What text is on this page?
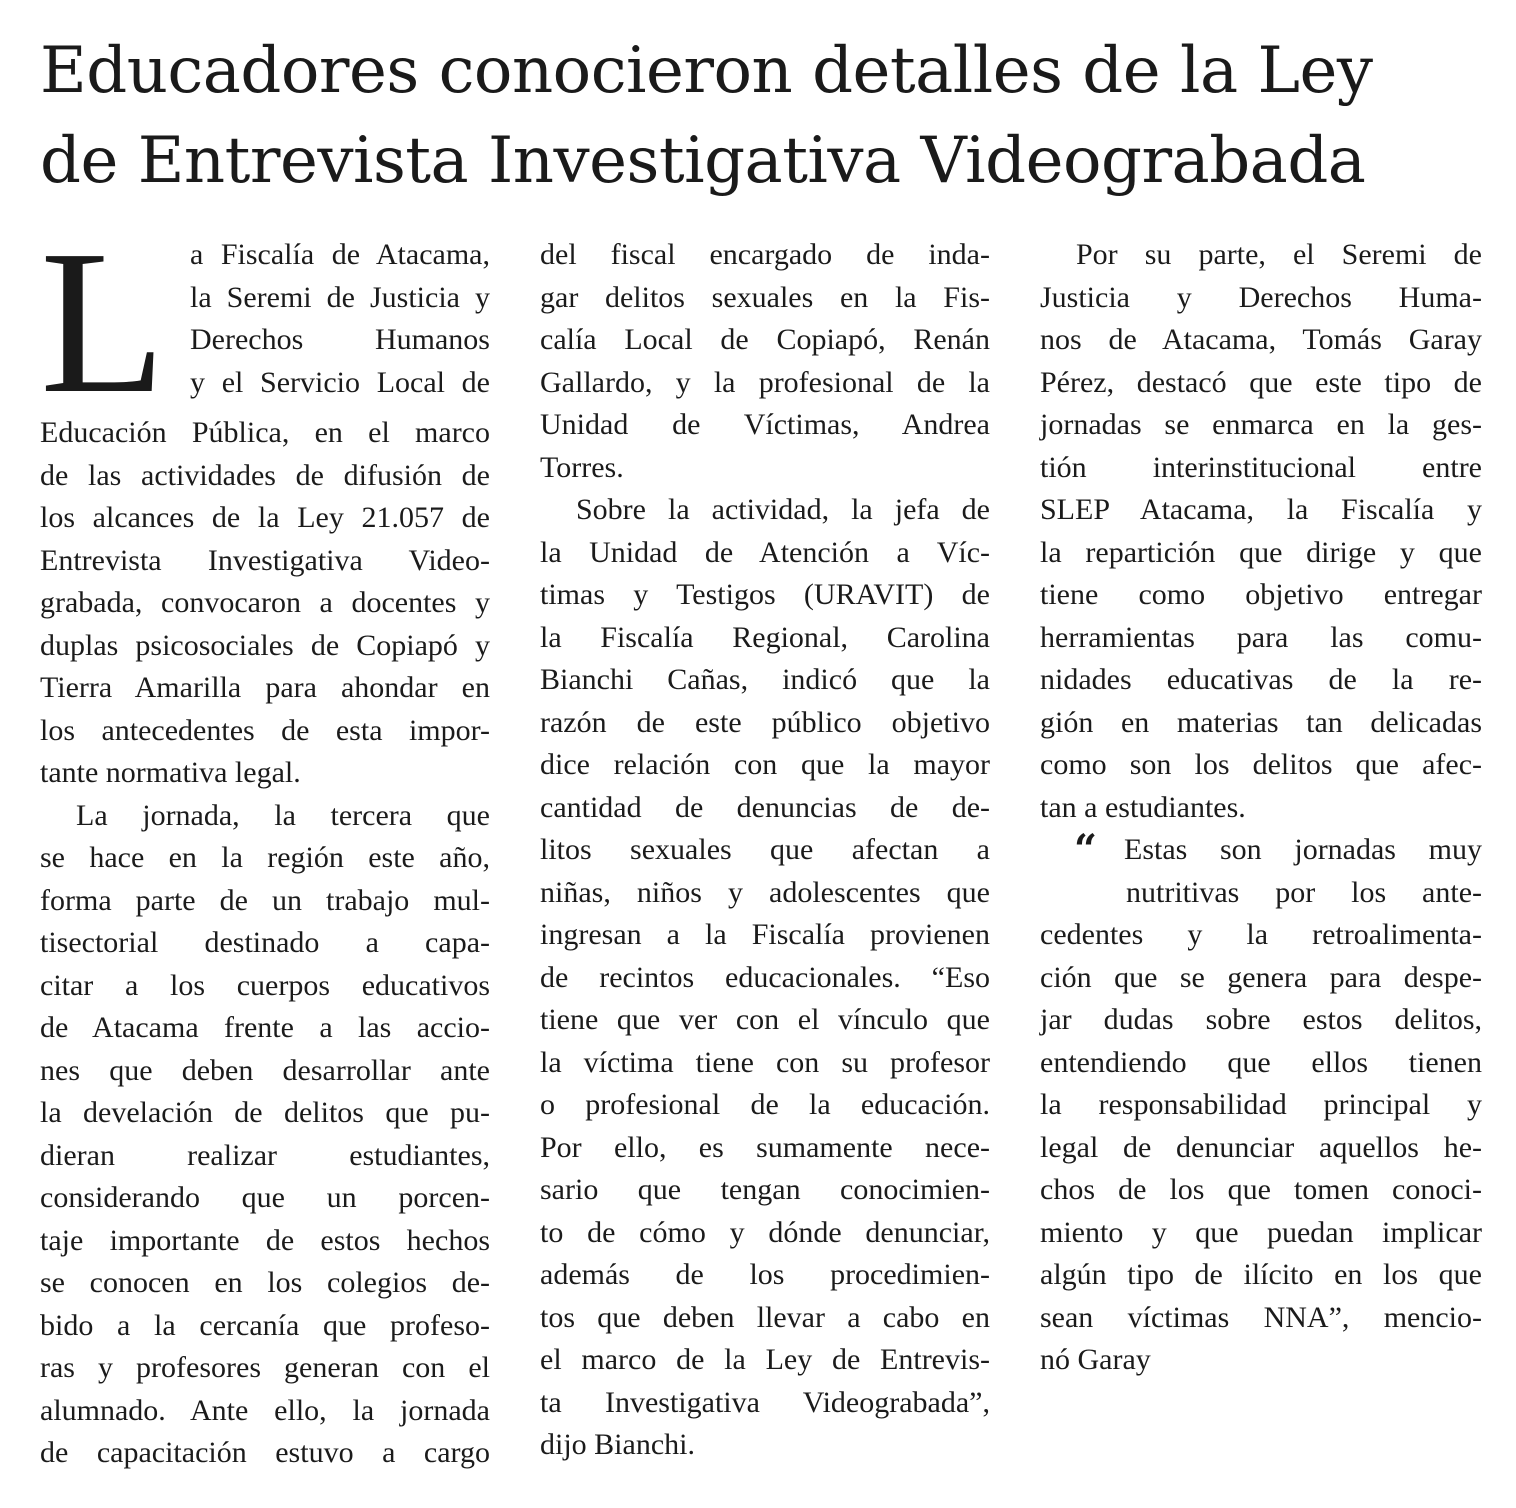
Educadores conocieron detalles de la Ley
de Entrevista Investigativa Videograbada
L a Fiscalía de Atacama,
la Seremi de Justicia y
Derechos Humanos
y el Servicio Local de
Educación Pública, en el marco
de las actividades de difusión de
los alcances de la Ley 21.057 de
Entrevista Investigativa Video-
grabada, convocaron a docentes y
duplas psicosociales de Copiapó y
Tierra Amarilla para ahondar en
los antecedentes de esta impor-
tante normativa legal.
La jornada, la tercera que
se hace en la región este año,
forma parte de un trabajo mul-
tisectorial destinado a capa-
citar a los cuerpos educativos
de Atacama frente a las accio-
nes que deben desarrollar ante
la develación de delitos que pu-
dieran realizar estudiantes,
considerando que un porcen-
taje importante de estos hechos
se conocen en los colegios de-
bido a la cercanía que profeso-
ras y profesores generan con el
alumnado. Ante ello, la jornada
de capacitación estuvo a cargo
del fiscal encargado de inda-
gar delitos sexuales en la Fis-
calía Local de Copiapó, Renán
Gallardo, y la profesional de la
Unidad de Víctimas, Andrea
Torres.
Sobre la actividad, la jefa de
la Unidad de Atención a Víc-
timas y Testigos (URAVIT) de
la Fiscalía Regional, Carolina
Bianchi Cañas, indicó que la
razón de este público objetivo
dice relación con que la mayor
cantidad de denuncias de de-
litos sexuales que afectan a
niñas, niños y adolescentes que
ingresan a la Fiscalía provienen
de recintos educacionales. “Eso
tiene que ver con el vínculo que
la víctima tiene con su profesor
o profesional de la educación.
Por ello, es sumamente nece-
sario que tengan conocimien-
to de cómo y dónde denunciar,
además de los procedimien-
tos que deben llevar a cabo en
el marco de la Ley de Entrevis-
ta Investigativa Videograbada”,
dijo Bianchi.
Por su parte, el Seremi de
Justicia y Derechos Huma-
nos de Atacama, Tomás Garay
Pérez, destacó que este tipo de
jornadas se enmarca en la ges-
tión interinstitucional entre
SLEP Atacama, la Fiscalía y
la repartición que dirige y que
tiene como objetivo entregar
herramientas para las comu-
nidades educativas de la re-
gión en materias tan delicadas
como son los delitos que afec-
tan a estudiantes.
“ Estas son jornadas muy
nutritivas por los ante-
cedentes y la retroalimenta-
ción que se genera para despe-
jar dudas sobre estos delitos,
entendiendo que ellos tienen
la responsabilidad principal y
legal de denunciar aquellos he-
chos de los que tomen conoci-
miento y que puedan implicar
algún tipo de ilícito en los que
sean víctimas NNA”, mencio-
nó Garay
